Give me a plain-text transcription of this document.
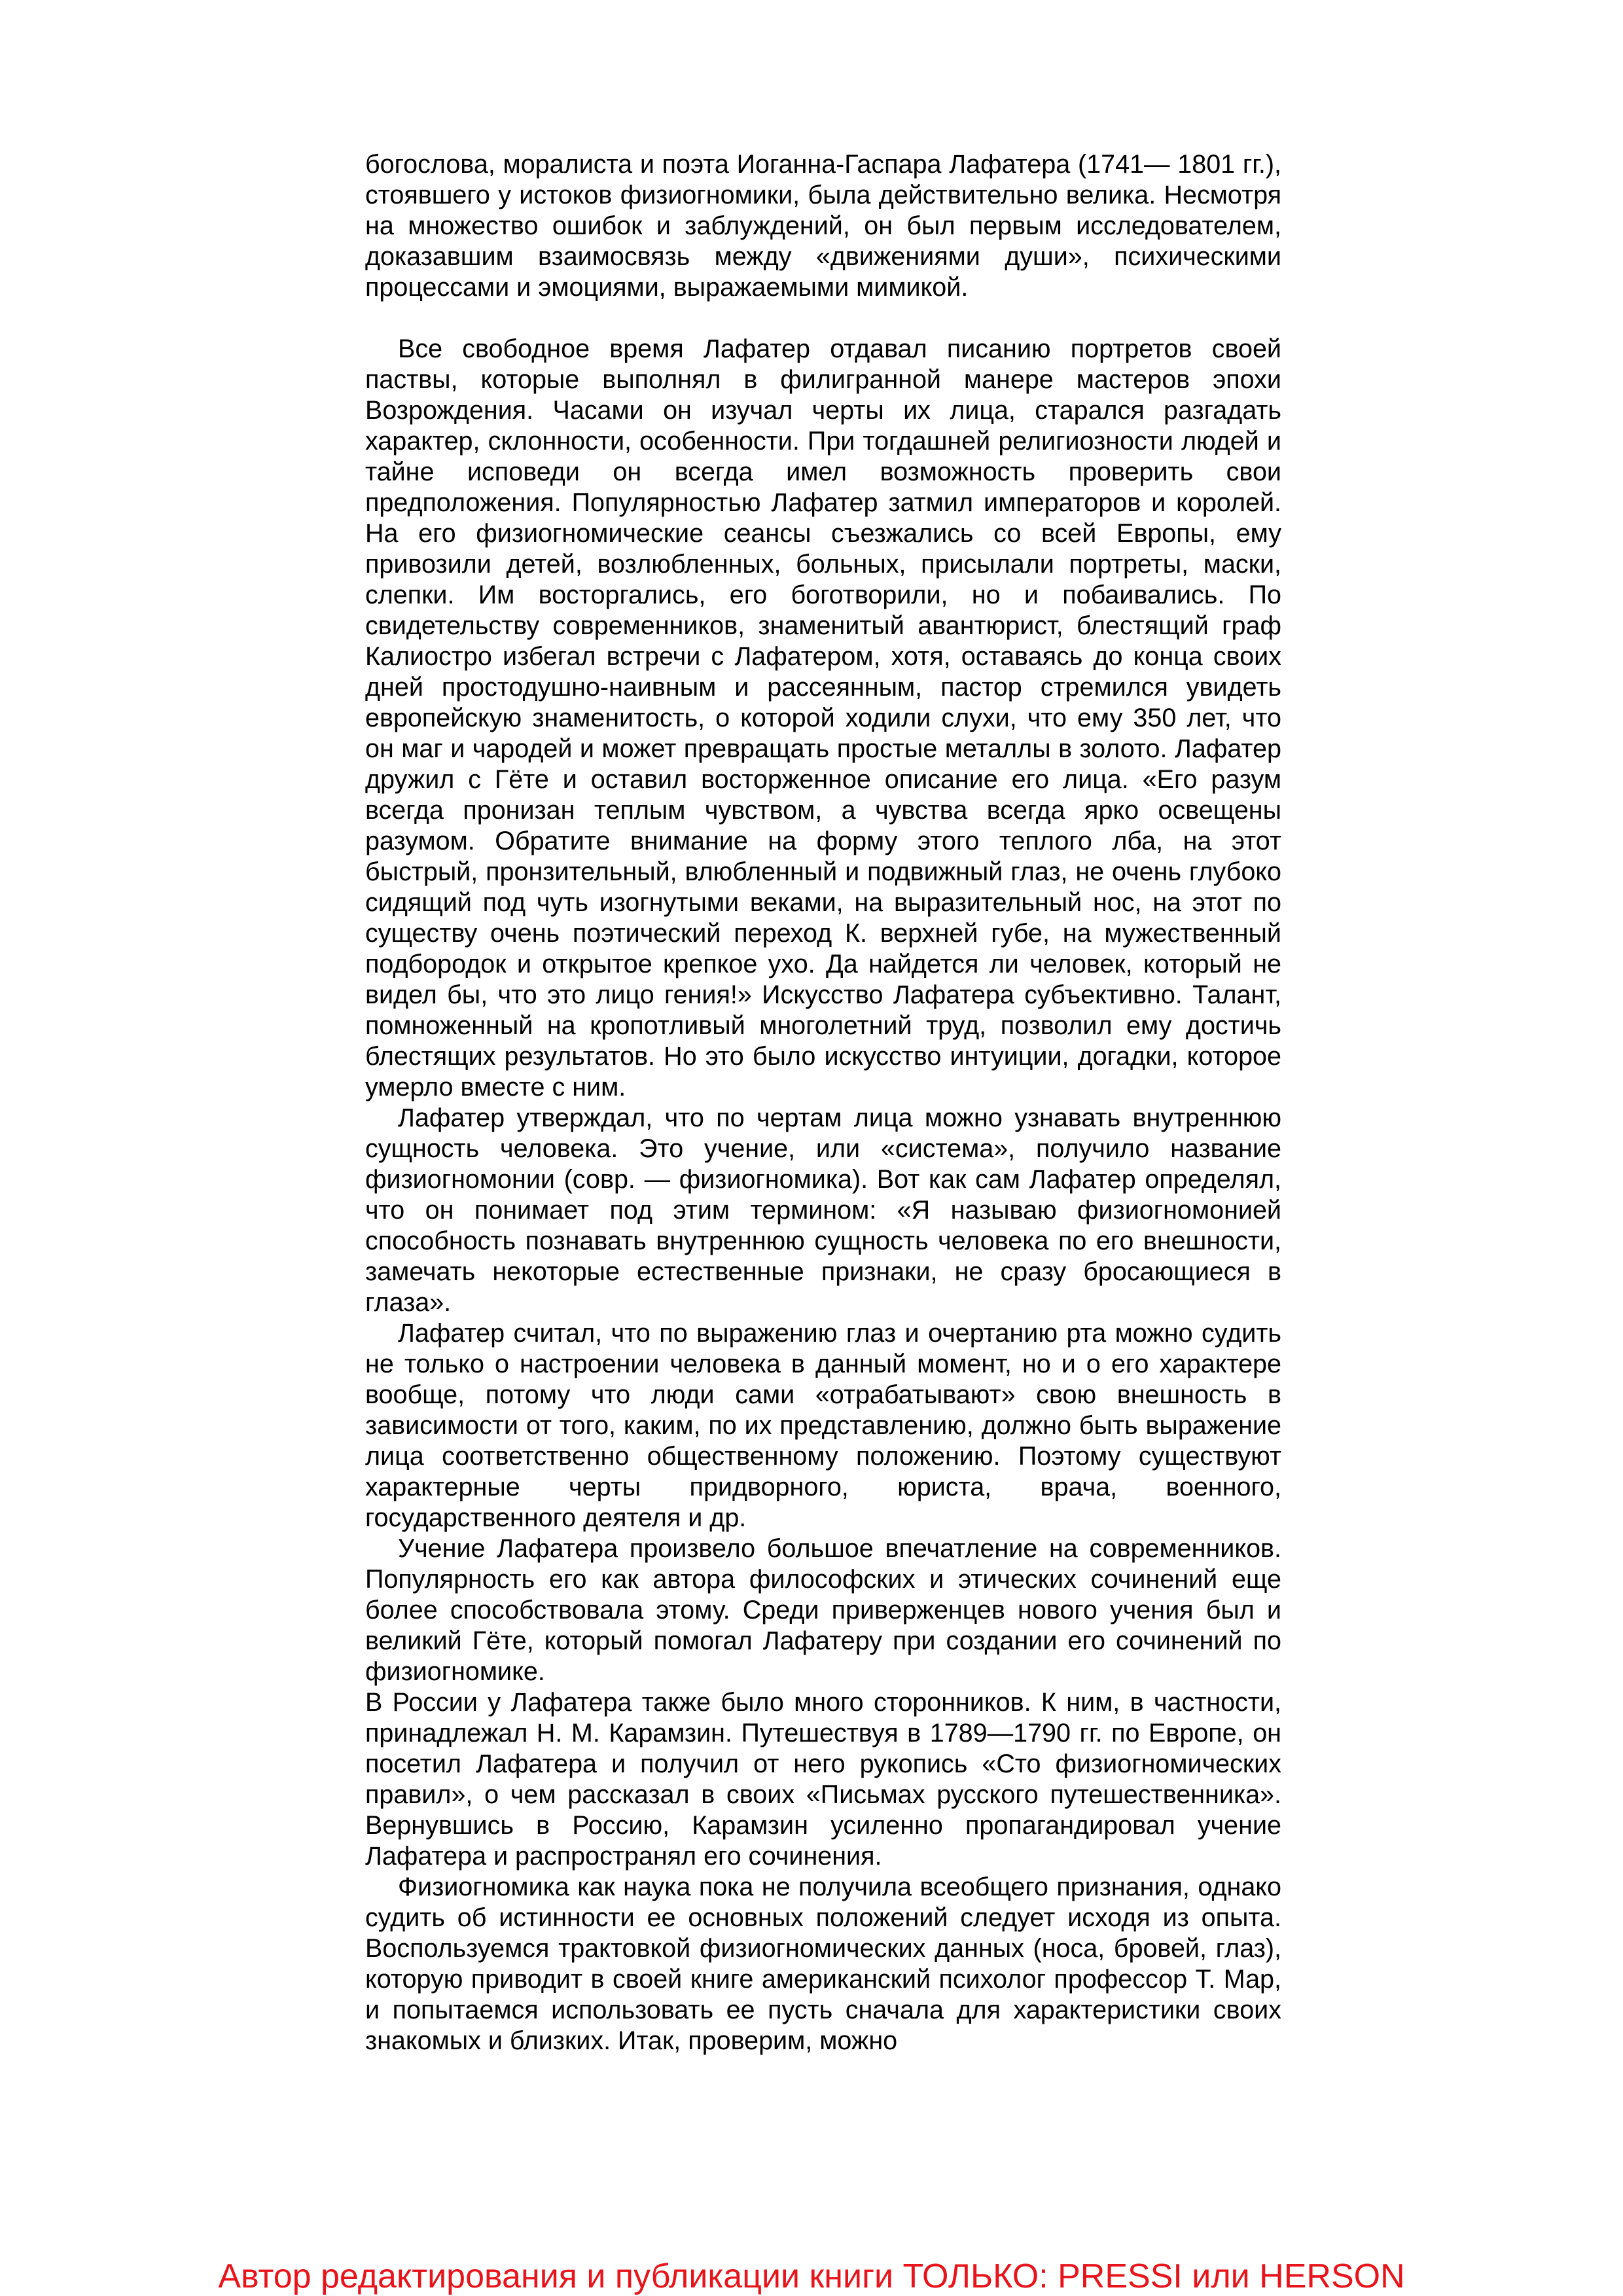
богослова, моралиста и поэта Иоганна-Гаспара Лафатера (1741— 1801 гг.), стоявшего у истоков физиогномики, была действительно велика. Несмотря на множество ошибок и заблуждений, он был первым исследователем, доказавшим взаимосвязь между «движениями души», психическими процессами и эмоциями, выражаемыми мимикой.

Все свободное время Лафатер отдавал писанию портретов своей паствы, которые выполнял в филигранной манере мастеров эпохи Возрождения. Часами он изучал черты их лица, старался разгадать характер, склонности, особенности. При тогдашней религиозности людей и тайне исповеди он всегда имел возможность проверить свои предположения. Популярностью Лафатер затмил императоров и королей. На его физиогномические сеансы съезжались со всей Европы, ему привозили детей, возлюбленных, больных, присылали портреты, маски, слепки. Им восторгались, его боготворили, но и побаивались. По свидетельству современников, знаменитый авантюрист, блестящий граф Калиостро избегал встречи с Лафатером, хотя, оставаясь до конца своих дней простодушно-наивным и рассеянным, пастор стремился увидеть европейскую знаменитость, о которой ходили слухи, что ему 350 лет, что он маг и чародей и может превращать простые металлы в золото. Лафатер дружил с Гёте и оставил восторженное описание его лица. «Его разум всегда пронизан теплым чувством, а чувства всегда ярко освещены разумом. Обратите внимание на форму этого теплого лба, на этот быстрый, пронзительный, влюбленный и подвижный глаз, не очень глубоко сидящий под чуть изогнутыми веками, на выразительный нос, на этот по существу очень поэтический переход К. верхней губе, на мужественный подбородок и открытое крепкое ухо. Да найдется ли человек, который не видел бы, что это лицо гения!» Искусство Лафатера субъективно. Талант, помноженный на кропотливый многолетний труд, позволил ему достичь блестящих результатов. Но это было искусство интуиции, догадки, которое умерло вместе с ним.

Лафатер утверждал, что по чертам лица можно узнавать внутреннюю сущность человека. Это учение, или «система», получило название физиогномонии (совр. — физиогномика). Вот как сам Лафатер определял, что он понимает под этим термином: «Я называю физиогномонией способность познавать внутреннюю сущность человека по его внешности, замечать некоторые естественные признаки, не сразу бросающиеся в глаза».

Лафатер считал, что по выражению глаз и очертанию рта можно судить не только о настроении человека в данный момент, но и о его характере вообще, потому что люди сами «отрабатывают» свою внешность в зависимости от того, каким, по их представлению, должно быть выражение лица соответственно общественному положению. Поэтому существуют характерные черты придворного, юриста, врача, военного, государственного деятеля и др.

Учение Лафатера произвело большое впечатление на современников. Популярность его как автора философских и этических сочинений еще более способствовала этому. Среди приверженцев нового учения был и великий Гёте, который помогал Лафатеру при создании его сочинений по физиогномике.

В России у Лафатера также было много сторонников. К ним, в частности, принадлежал Н. М. Карамзин. Путешествуя в 1789—1790 гг. по Европе, он посетил Лафатера и получил от него рукопись «Сто физиогномических правил», о чем рассказал в своих «Письмах русского путешественника». Вернувшись в Россию, Карамзин усиленно пропагандировал учение Лафатера и распространял его сочинения.

Физиогномика как наука пока не получила всеобщего признания, однако судить об истинности ее основных положений следует исходя из опыта. Воспользуемся трактовкой физиогномических данных (носа, бровей, глаз), которую приводит в своей книге американский психолог профессор Т. Мар, и попытаемся использовать ее пусть сначала для характеристики своих знакомых и близких. Итак, проверим, можно

Автор редактирования и публикации книги ТОЛЬКО: PRESSI или HERSON
